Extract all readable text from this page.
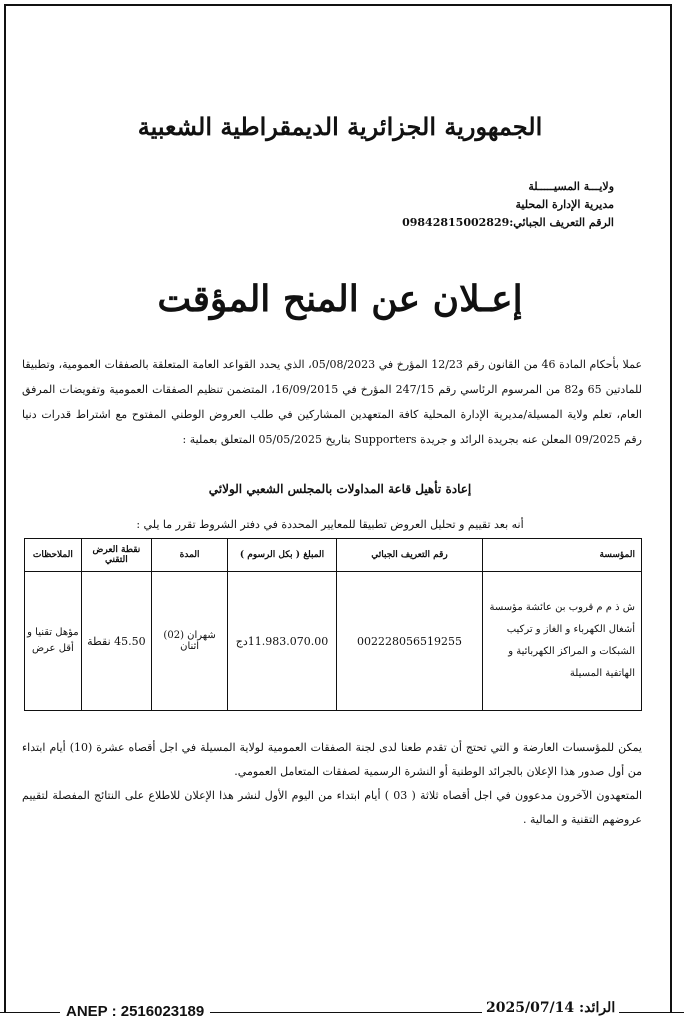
الجمهورية الجزائرية الديمقراطية الشعبية
ولايـــة المسيـــــلة
مديرية الإدارة المحلية
الرقم التعريف الجبائي:09842815002829
إعـلان عن المنح المؤقت
عملا بأحكام المادة 46 من القانون رقم 12/23 المؤرخ في 05/08/2023، الذي يحدد القواعد العامة المتعلقة بالصفقات العمومية، وتطبيقا للمادتين 65 و82 من المرسوم الرئاسي رقم 247/15 المؤرخ في 16/09/2015، المتضمن تنظيم الصفقات العمومية وتفويضات المرفق العام، تعلم ولاية المسيلة/مديرية الإدارة المحلية كافة المتعهدين المشاركين في طلب العروض الوطني المفتوح مع اشتراط قدرات دنيا رقم 09/2025 المعلن عنه بجريدة الرائد و جريدة Supporters بتاريخ 05/05/2025 المتعلق بعملية :
إعادة تأهيل قاعة المداولات بالمجلس الشعبي الولائي
أنه بعد تقييم و تحليل العروض تطبيقا للمعايير المحددة في دفتر الشروط تقرر ما يلي :
المؤسسة	رقم التعريف الجبائي	المبلغ ( بكل الرسوم )	المدة	نقطة العرض التقني	الملاحظات
ش ذ م م قروب بن عائشة مؤسسة أشغال الكهرباء و الغاز و تركيب الشبكات و المراكز الكهربائية و الهاتفية المسيلة	002228056519255	11.983.070.00دج	شهران (02) اثنان	45.50 نقطة	مؤهل تقنيا و أقل عرض

يمكن للمؤسسات العارضة و التي تحتج أن تقدم طعنا لدى لجنة الصفقات العمومية لولاية المسيلة في اجل أقصاه عشرة (10) أيام ابتداء من أول صدور هذا الإعلان بالجرائد الوطنية أو النشرة الرسمية لصفقات المتعامل العمومي.

المتعهدون الآخرون مدعوون في اجل أقصاه ثلاثة ( 03 ) أيام ابتداء من اليوم الأول لنشر هذا الإعلان للاطلاع على النتائج المفصلة لتقييم عروضهم التقنية و المالية .

ANEP : 2516023189	الرائد: 2025/07/14
